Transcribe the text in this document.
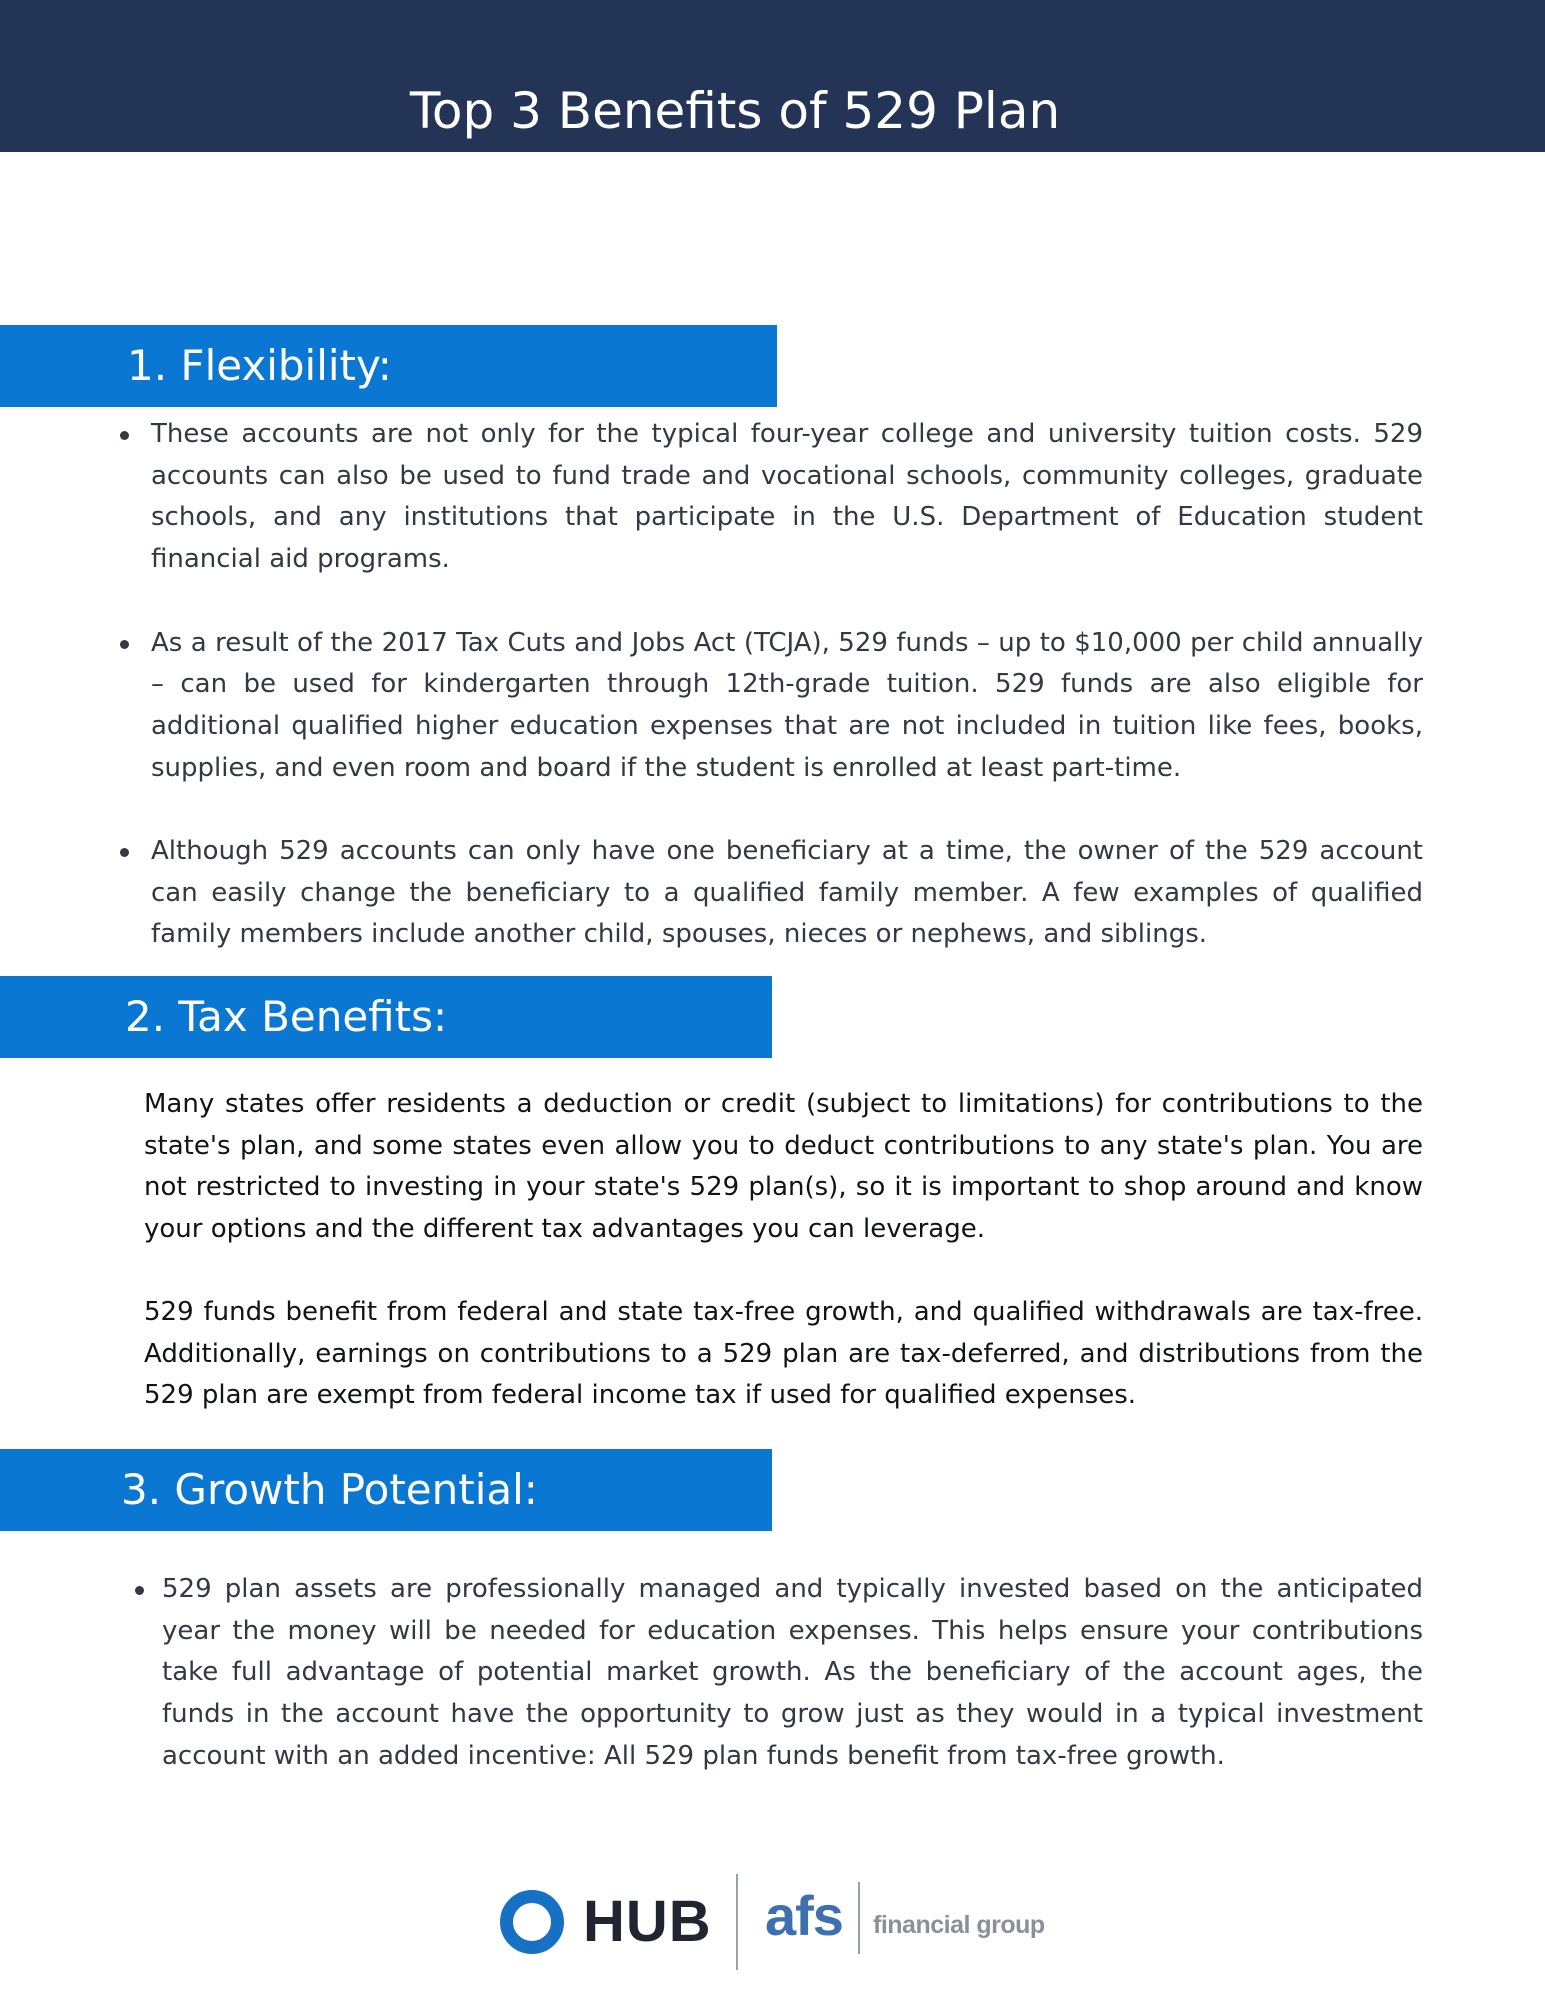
Top 3 Benefits of 529 Plan
1. Flexibility:
These accounts are not only for the typical four-year college and university tuition costs. 529 accounts can also be used to fund trade and vocational schools, community colleges, graduate schools, and any institutions that participate in the U.S. Department of Education student financial aid programs.
As a result of the 2017 Tax Cuts and Jobs Act (TCJA), 529 funds – up to $10,000 per child annually – can be used for kindergarten through 12th-grade tuition. 529 funds are also eligible for additional qualified higher education expenses that are not included in tuition like fees, books, supplies, and even room and board if the student is enrolled at least part-time.
Although 529 accounts can only have one beneficiary at a time, the owner of the 529 account can easily change the beneficiary to a qualified family member. A few examples of qualified family members include another child, spouses, nieces or nephews, and siblings.
2. Tax Benefits:

Many states offer residents a deduction or credit (subject to limitations) for contributions to the state's plan, and some states even allow you to deduct contributions to any state's plan. You are not restricted to investing in your state's 529 plan(s), so it is important to shop around and know your options and the different tax advantages you can leverage.

529 funds benefit from federal and state tax-free growth, and qualified withdrawals are tax-free. Additionally, earnings on contributions to a 529 plan are tax-deferred, and distributions from the 529 plan are exempt from federal income tax if used for qualified expenses.

3. Growth Potential:
529 plan assets are professionally managed and typically invested based on the anticipated year the money will be needed for education expenses. This helps ensure your contributions take full advantage of potential market growth. As the beneficiary of the account ages, the funds in the account have the opportunity to grow just as they would in a typical investment account with an added incentive: All 529 plan funds benefit from tax-free growth.
HUB afs financial group
